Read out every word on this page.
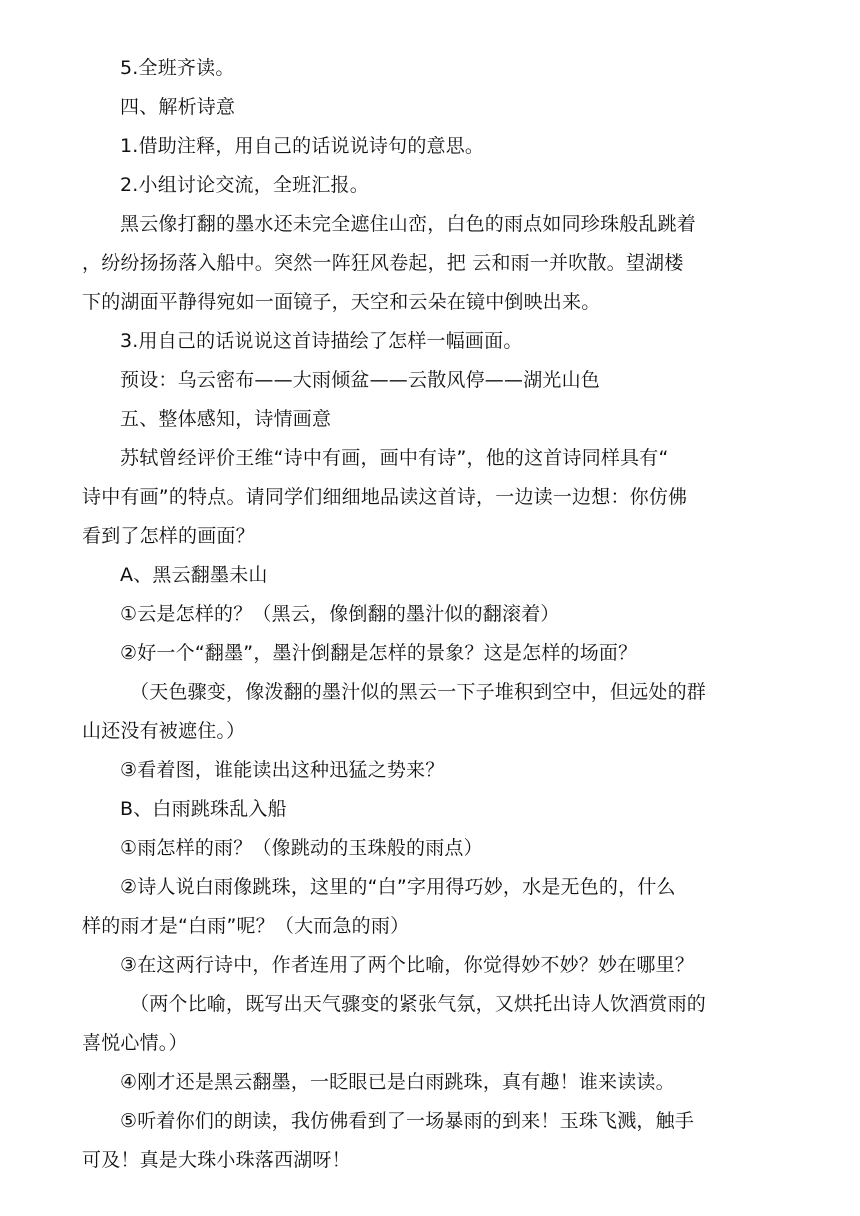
5.全班齐读。
四、解析诗意
1.借助注释，用自己的话说说诗句的意思。
2.小组讨论交流，全班汇报。
黑云像打翻的墨水还未完全遮住山峦，白色的雨点如同珍珠般乱跳着
，纷纷扬扬落入船中。突然一阵狂风卷起，把 云和雨一并吹散。望湖楼
下的湖面平静得宛如一面镜子，天空和云朵在镜中倒映出来。
3.用自己的话说说这首诗描绘了怎样一幅画面。
预设：乌云密布——大雨倾盆——云散风停——湖光山色
五、整体感知，诗情画意
苏轼曾经评价王维“诗中有画，画中有诗”，他的这首诗同样具有“
诗中有画”的特点。请同学们细细地品读这首诗，一边读一边想：你仿佛
看到了怎样的画面？
A、黑云翻墨未山
①云是怎样的？（黑云，像倒翻的墨汁似的翻滚着）
②好一个“翻墨”，墨汁倒翻是怎样的景象？这是怎样的场面？
（天色骤变，像泼翻的墨汁似的黑云一下子堆积到空中，但远处的群
山还没有被遮住。）
③看着图，谁能读出这种迅猛之势来？
B、白雨跳珠乱入船
①雨怎样的雨？（像跳动的玉珠般的雨点）
②诗人说白雨像跳珠，这里的“白”字用得巧妙，水是无色的，什么
样的雨才是“白雨”呢？（大而急的雨）
③在这两行诗中，作者连用了两个比喻，你觉得妙不妙？妙在哪里？
（两个比喻，既写出天气骤变的紧张气氛，又烘托出诗人饮酒赏雨的
喜悦心情。）
④刚才还是黑云翻墨，一眨眼已是白雨跳珠，真有趣！谁来读读。
⑤听着你们的朗读，我仿佛看到了一场暴雨的到来！玉珠飞溅，触手
可及！真是大珠小珠落西湖呀！
